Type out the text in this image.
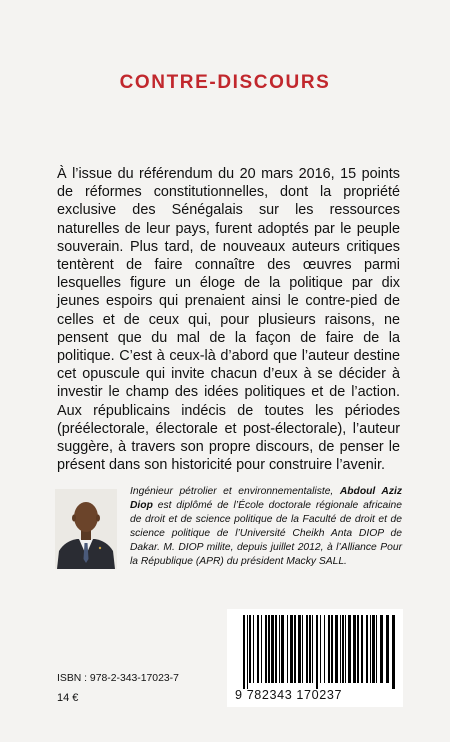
CONTRE-DISCOURS

À l’issue du référendum du 20 mars 2016, 15 points de réformes constitutionnelles, dont la propriété exclusive des Sénégalais sur les ressources naturelles de leur pays, furent adoptés par le peuple souverain. Plus tard, de nouveaux auteurs critiques tentèrent de faire connaître des œuvres parmi lesquelles figure un éloge de la politique par dix jeunes espoirs qui prenaient ainsi le contre-pied de celles et de ceux qui, pour plusieurs raisons, ne pensent que du mal de la façon de faire de la politique. C’est à ceux-là d’abord que l’auteur destine cet opuscule qui invite chacun d’eux à se décider à investir le champ des idées politiques et de l’action. Aux républicains indécis de toutes les périodes (préélectorale, électorale et post-électorale), l’auteur suggère, à travers son propre discours, de penser le présent dans son historicité pour construire l’avenir.

Ingénieur pétrolier et environnementaliste, Abdoul Aziz Diop est diplômé de l’École doctorale régionale africaine de droit et de science politique de la Faculté de droit et de science politique de l’Université Cheikh Anta DIOP de Dakar. M. DIOP milite, depuis juillet 2012, à l’Alliance Pour la République (APR) du président Macky SALL.
9 782343 170237
ISBN : 978-2-343-17023-7
14 €
